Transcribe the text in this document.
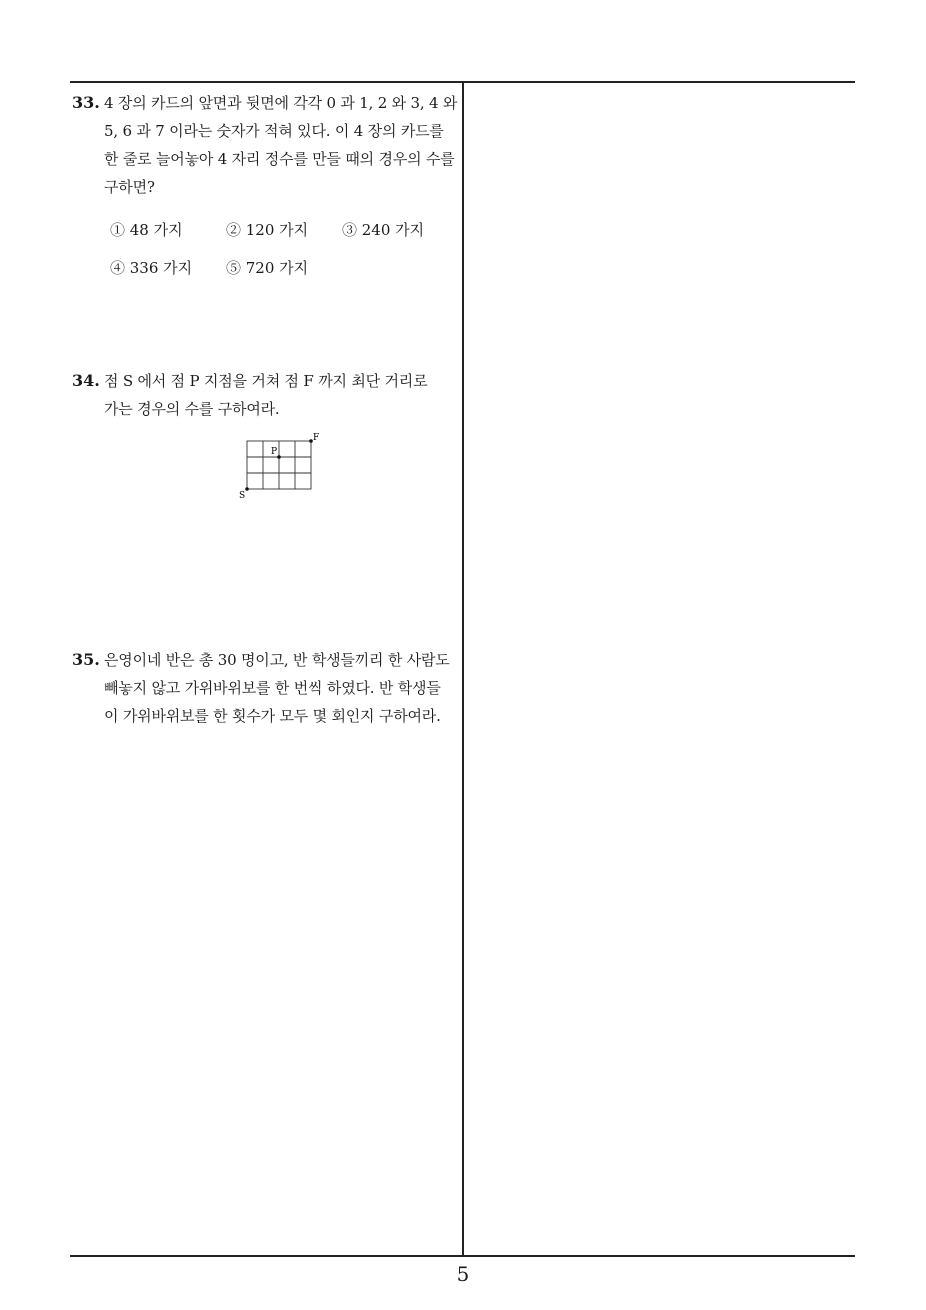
33. 4 장의 카드의 앞면과 뒷면에 각각 0 과 1, 2 와 3, 4 와
5, 6 과 7 이라는 숫자가 적혀 있다. 이 4 장의 카드를
한 줄로 늘어놓아 4 자리 정수를 만들 때의 경우의 수를
구하면?
① 48 가지	② 120 가지 ③ 240 가지
④ 336 가지 ⑤ 720 가지
34. 점 S 에서 점 P 지점을 거쳐 점 F 까지 최단 거리로
가는 경우의 수를 구하여라.
S
P
F
35. 은영이네 반은 총 30 명이고, 반 학생들끼리 한 사람도
빼놓지 않고 가위바위보를 한 번씩 하였다. 반 학생들
이 가위바위보를 한 횟수가 모두 몇 회인지 구하여라.
5
